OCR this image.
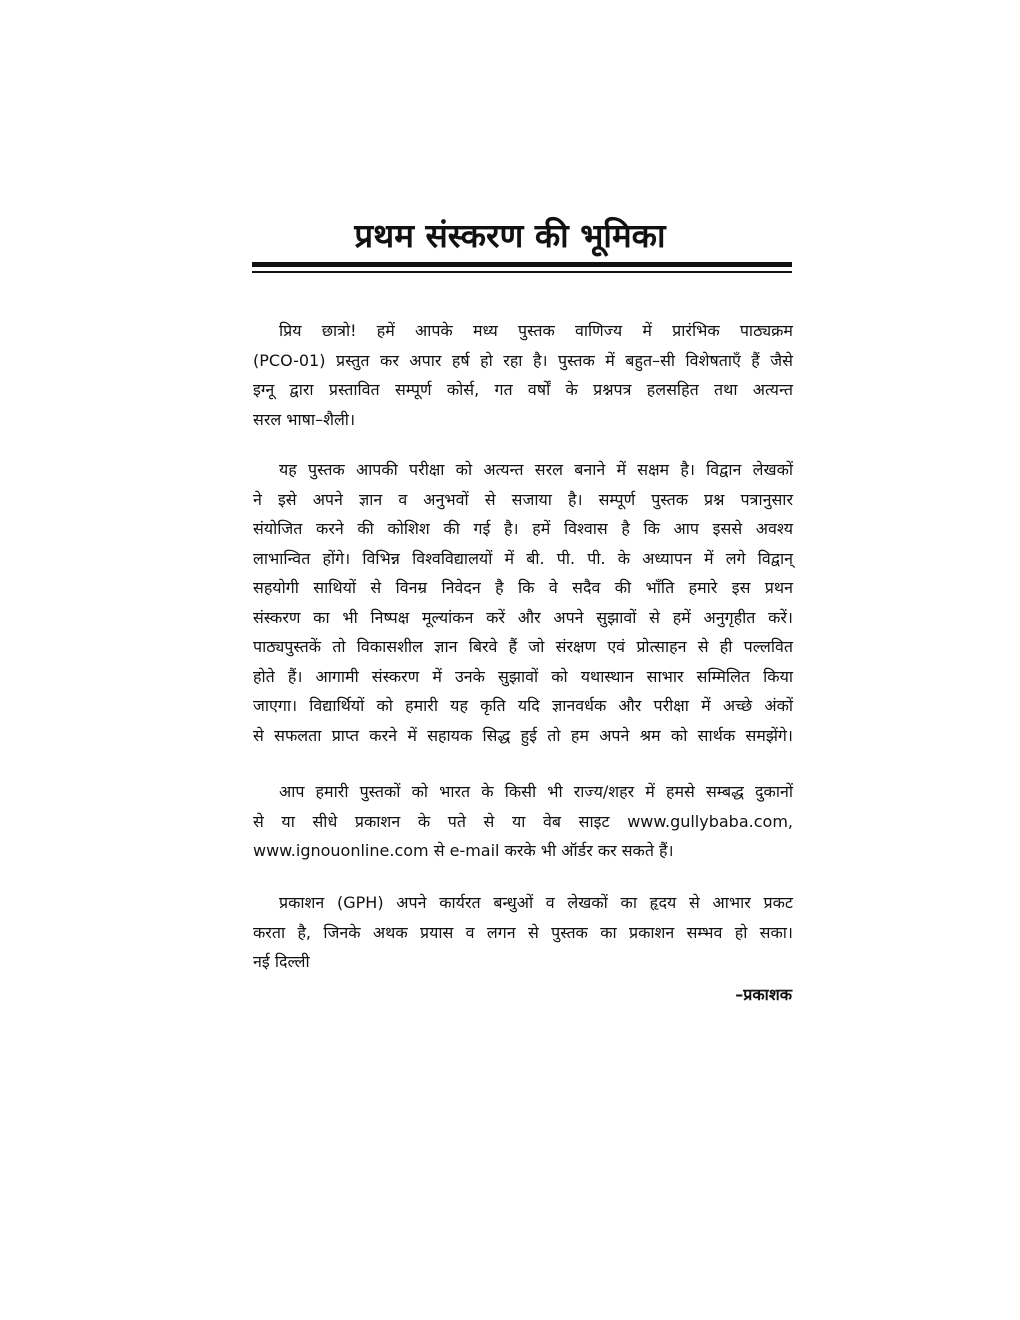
प्रथम संस्करण की भूमिका
प्रिय छात्रो! हमें आपके मध्य पुस्तक वाणिज्य में प्रारंभिक पाठ्यक्रम
(PCO-01) प्रस्तुत कर अपार हर्ष हो रहा है। पुस्तक में बहुत–सी विशेषताएँ हैं जैसे
इग्नू द्वारा प्रस्तावित सम्पूर्ण कोर्स, गत वर्षों के प्रश्नपत्र हलसहित तथा अत्यन्त
सरल भाषा–शैली।
यह पुस्तक आपकी परीक्षा को अत्यन्त सरल बनाने में सक्षम है। विद्वान लेखकों
ने इसे अपने ज्ञान व अनुभवों से सजाया है। सम्पूर्ण पुस्तक प्रश्न पत्रानुसार
संयोजित करने की कोशिश की गई है। हमें विश्वास है कि आप इससे अवश्य
लाभान्वित होंगे। विभिन्न विश्वविद्यालयों में बी. पी. पी. के अध्यापन में लगे विद्वान्
सहयोगी साथियों से विनम्र निवेदन है कि वे सदैव की भाँति हमारे इस प्रथन
संस्करण का भी निष्पक्ष मूल्यांकन करें और अपने सुझावों से हमें अनुगृहीत करें।
पाठ्यपुस्तकें तो विकासशील ज्ञान बिरवे हैं जो संरक्षण एवं प्रोत्साहन से ही पल्लवित
होते हैं। आगामी संस्करण में उनके सुझावों को यथास्थान साभार सम्मिलित किया
जाएगा। विद्यार्थियों को हमारी यह कृति यदि ज्ञानवर्धक और परीक्षा में अच्छे अंकों
से सफलता प्राप्त करने में सहायक सिद्ध हुई तो हम अपने श्रम को सार्थक समझेंगे।
आप हमारी पुस्तकों को भारत के किसी भी राज्य/शहर में हमसे सम्बद्ध दुकानों
से या सीधे प्रकाशन के पते से या वेब साइट www.gullybaba.com,
www.ignouonline.com से e-mail करके भी ऑर्डर कर सकते हैं।
प्रकाशन (GPH) अपने कार्यरत बन्धुओं व लेखकों का हृदय से आभार प्रकट
करता है, जिनके अथक प्रयास व लगन से पुस्तक का प्रकाशन सम्भव हो सका।
नई दिल्ली
–प्रकाशक
